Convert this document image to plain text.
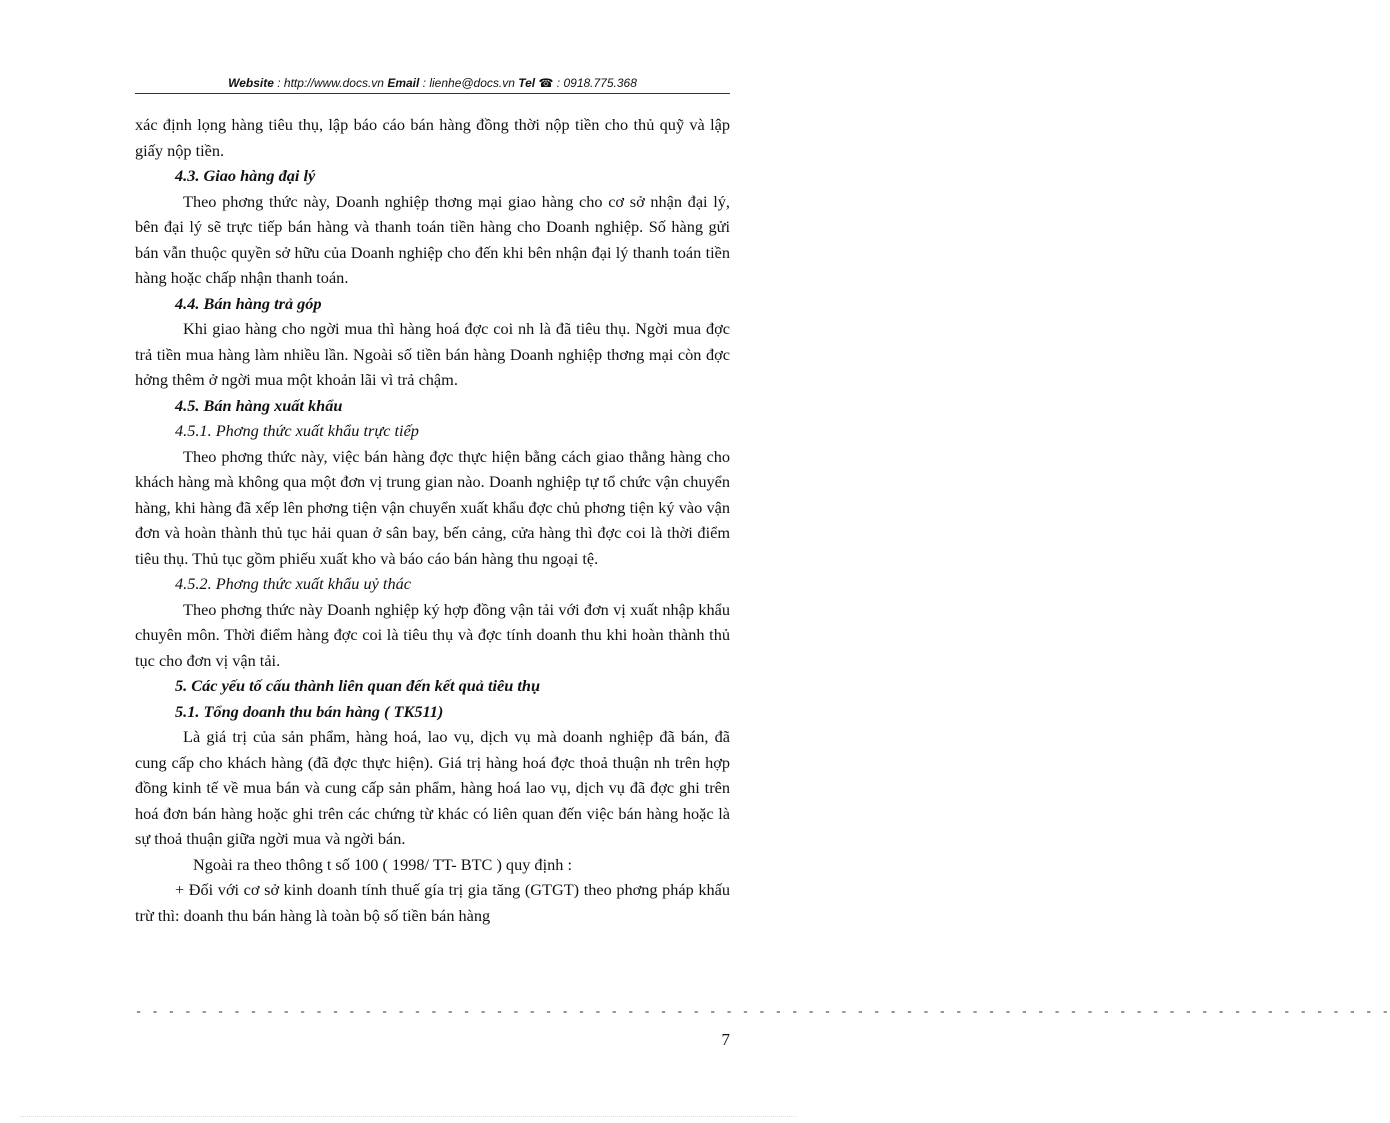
Website : http://www.docs.vn Email : lienhe@docs.vn Tel ☎ : 0918.775.368

xác định lọng hàng tiêu thụ, lập báo cáo bán hàng đồng thời nộp tiền cho thủ quỹ và lập giấy nộp tiền.

4.3. Giao hàng đại lý

Theo phơng thức này, Doanh nghiệp thơng mại giao hàng cho cơ sở nhận đại lý, bên đại lý sẽ trực tiếp bán hàng và thanh toán tiền hàng cho Doanh nghiệp. Số hàng gửi bán vẫn thuộc quyền sở hữu của Doanh nghiệp cho đến khi bên nhận đại lý thanh toán tiền hàng hoặc chấp nhận thanh toán.

4.4. Bán hàng trả góp

Khi giao hàng cho ngời mua thì hàng hoá đợc coi nh là đã tiêu thụ. Ngời mua đợc trả tiền mua hàng làm nhiều lần. Ngoài số tiền bán hàng Doanh nghiệp thơng mại còn đợc hởng thêm ở ngời mua một khoản lãi vì trả chậm.

4.5. Bán hàng xuất khẩu

4.5.1. Phơng thức xuất khẩu trực tiếp

Theo phơng thức này, việc bán hàng đợc thực hiện bằng cách giao thẳng hàng cho khách hàng mà không qua một đơn vị trung gian nào. Doanh nghiệp tự tổ chức vận chuyển hàng, khi hàng đã xếp lên phơng tiện vận chuyển xuất khẩu đợc chủ phơng tiện ký vào vận đơn và hoàn thành thủ tục hải quan ở sân bay, bến cảng, cửa hàng thì đợc coi là thời điểm tiêu thụ. Thủ tục gồm phiếu xuất kho và báo cáo bán hàng thu ngoại tệ.

4.5.2. Phơng thức xuất khẩu uỷ thác

Theo phơng thức này Doanh nghiệp ký hợp đồng vận tải với đơn vị xuất nhập khẩu chuyên môn. Thời điểm hàng đợc coi là tiêu thụ và đợc tính doanh thu khi hoàn thành thủ tục cho đơn vị vận tải.

5. Các yếu tố cấu thành liên quan đến kết quả tiêu thụ

5.1. Tổng doanh thu bán hàng ( TK511)

Là giá trị của sản phẩm, hàng hoá, lao vụ, dịch vụ mà doanh nghiệp đã bán, đã cung cấp cho khách hàng (đã đợc thực hiện). Giá trị hàng hoá đợc thoả thuận nh trên hợp đồng kinh tế về mua bán và cung cấp sản phẩm, hàng hoá lao vụ, dịch vụ đã đợc ghi trên hoá đơn bán hàng hoặc ghi trên các chứng từ khác có liên quan đến việc bán hàng hoặc là sự thoả thuận giữa ngời mua và ngời bán.

Ngoài ra theo thông t số 100 ( 1998/ TT- BTC ) quy định :

+ Đối với cơ sở kinh doanh tính thuế gía trị gia tăng (GTGT) theo phơng pháp khấu trừ thì: doanh thu bán hàng là toàn bộ số tiền bán hàng

- - - - - - - - - - - - - - - - - - - - - - - - - - - - - - - - - - - - - - - - - - - - - - - - - - - - - - - - - - - - - - - - - - - - - - - - - - - - -
7
